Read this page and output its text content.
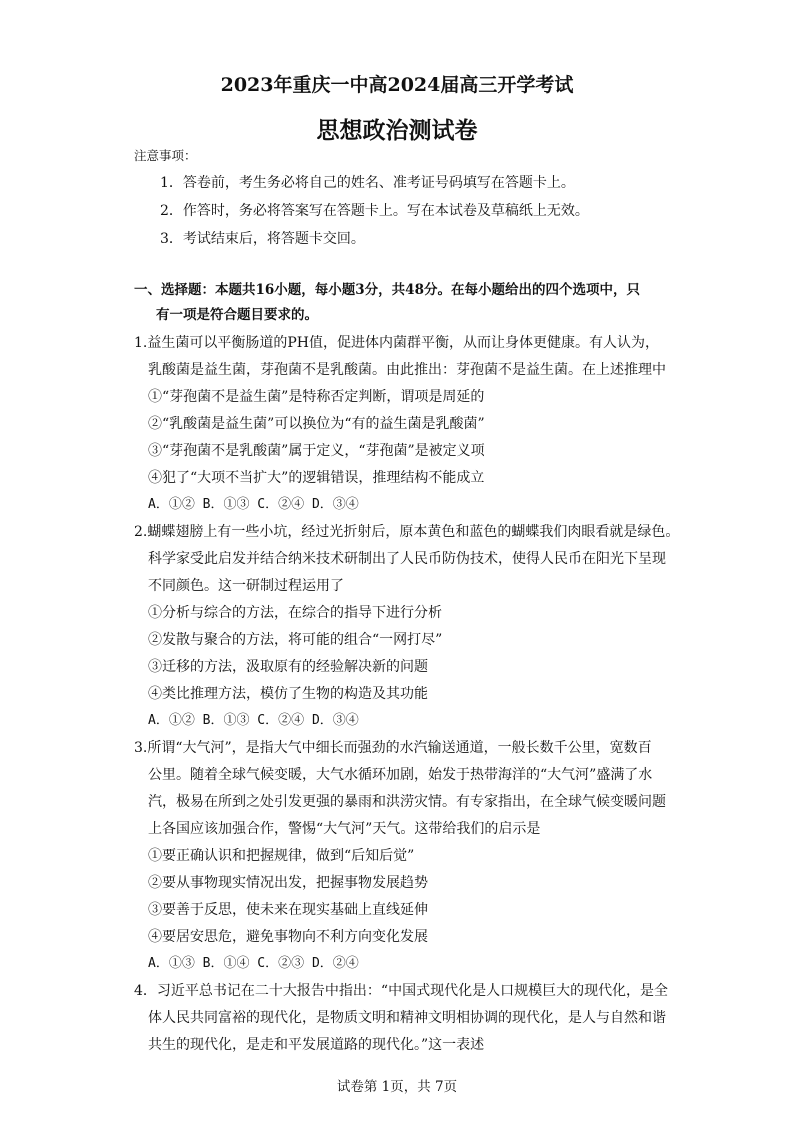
2023年重庆一中高2024届高三开学考试
思想政治测试卷
注意事项：
1．答卷前，考生务必将自己的姓名、准考证号码填写在答题卡上。
2．作答时，务必将答案写在答题卡上。写在本试卷及草稿纸上无效。
3．考试结束后，将答题卡交回。
一、选择题：本题共16小题，每小题3分，共48分。在每小题给出的四个选项中，只
有一项是符合题目要求的。
1.益生菌可以平衡肠道的PH值，促进体内菌群平衡，从而让身体更健康。有人认为，
乳酸菌是益生菌，芽孢菌不是乳酸菌。由此推出：芽孢菌不是益生菌。在上述推理中
①“芽孢菌不是益生菌”是特称否定判断，谓项是周延的
②“乳酸菌是益生菌”可以换位为“有的益生菌是乳酸菌”
③“芽孢菌不是乳酸菌”属于定义，“芽孢菌”是被定义项
④犯了“大项不当扩大”的逻辑错误，推理结构不能成立
A．①② B．①③ C．②④ D．③④
2.蝴蝶翅膀上有一些小坑，经过光折射后，原本黄色和蓝色的蝴蝶我们肉眼看就是绿色。
科学家受此启发并结合纳米技术研制出了人民币防伪技术，使得人民币在阳光下呈现
不同颜色。这一研制过程运用了
①分析与综合的方法，在综合的指导下进行分析
②发散与聚合的方法，将可能的组合“一网打尽”
③迁移的方法，汲取原有的经验解决新的问题
④类比推理方法，模仿了生物的构造及其功能
A．①② B．①③ C．②④ D．③④
3.所谓“大气河”，是指大气中细长而强劲的水汽输送通道，一般长数千公里，宽数百
公里。随着全球气候变暖，大气水循环加剧，始发于热带海洋的“大气河”盛满了水
汽，极易在所到之处引发更强的暴雨和洪涝灾情。有专家指出，在全球气候变暖问题
上各国应该加强合作，警惕“大气河”天气。这带给我们的启示是
①要正确认识和把握规律，做到“后知后觉”
②要从事物现实情况出发，把握事物发展趋势
③要善于反思，使未来在现实基础上直线延伸
④要居安思危，避免事物向不利方向变化发展
A．①③ B．①④ C．②③ D．②④
4．习近平总书记在二十大报告中指出：“中国式现代化是人口规模巨大的现代化，是全
体人民共同富裕的现代化，是物质文明和精神文明相协调的现代化，是人与自然和谐
共生的现代化，是走和平发展道路的现代化。”这一表述
试卷第 1页，共 7页
